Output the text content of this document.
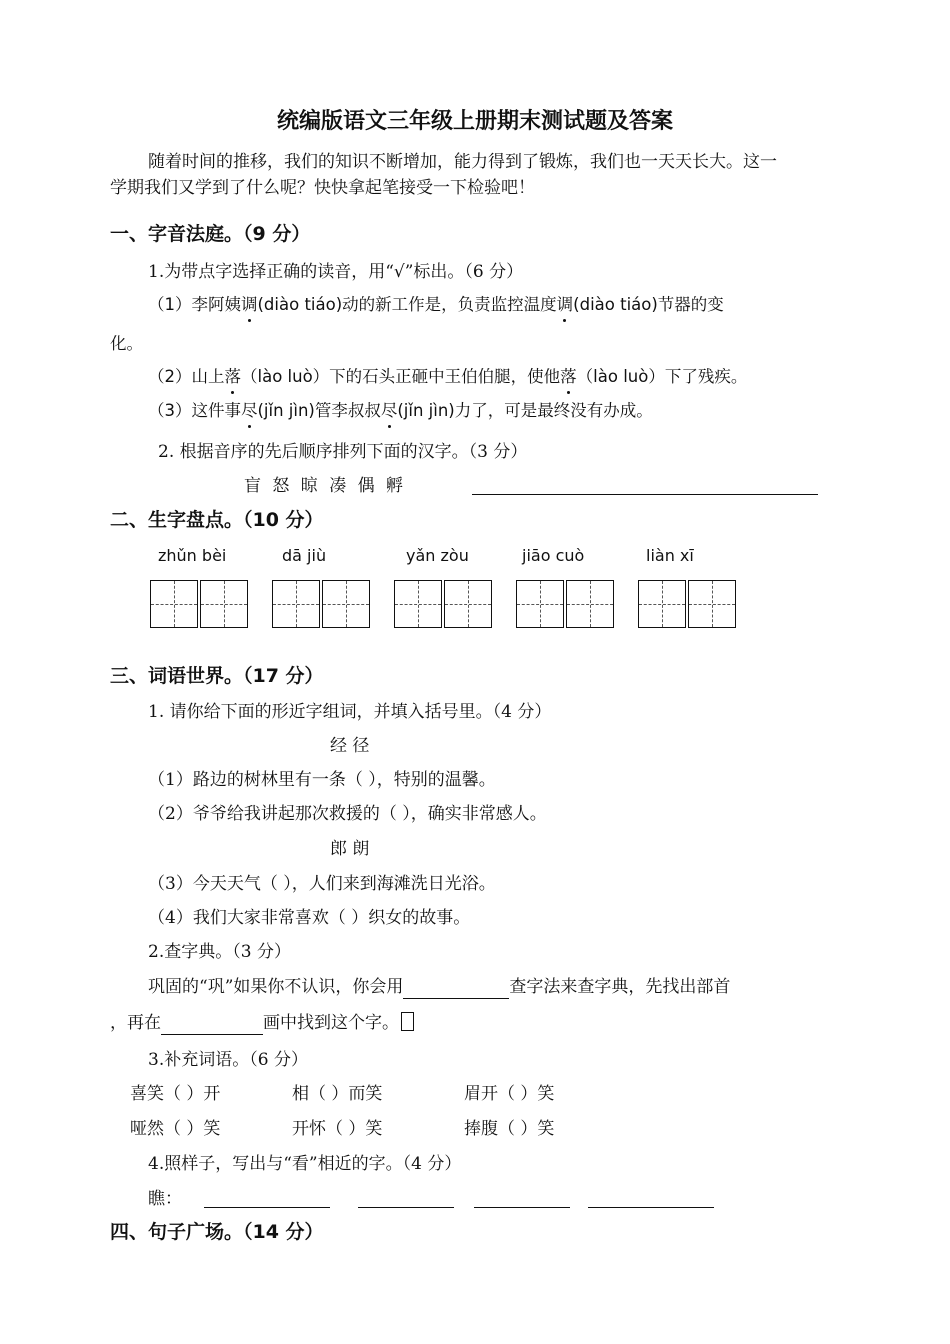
统编版语文三年级上册期末测试题及答案
随着时间的推移，我们的知识不断增加，能力得到了锻炼，我们也一天天长大。这一
学期我们又学到了什么呢？快快拿起笔接受一下检验吧！
一、字音法庭。（9 分）
1.为带点字选择正确的读音，用“√”标出。（6 分）
（1）李阿姨调(diào tiáo)动的新工作是，负责监控温度调(diào tiáo)节器的变
化。
（2）山上落（lào luò）下的石头正砸中王伯伯腿，使他落（lào luò）下了残疾。
（3）这件事尽(jǐn jìn)管李叔叔尽(jǐn jìn)力了，可是最终没有办成。
2. 根据音序的先后顺序排列下面的汉字。（3 分）
盲 怒 晾 凑 偶 孵
二、生字盘点。（10 分）
zhǔn bèi	dā jiù	yǎn zòu	jiāo cuò	liàn xī
三、词语世界。（17 分）
1. 请你给下面的形近字组词，并填入括号里。（4 分）
经 径
（1）路边的树林里有一条（ ），特别的温馨。
（2）爷爷给我讲起那次救援的（ ），确实非常感人。
郎 朗
（3）今天天气（ ），人们来到海滩洗日光浴。
（4）我们大家非常喜欢（ ）织女的故事。
2.查字典。（3 分）
巩固的“巩”如果你不认识，你会用	查字法来查字典，先找出部首
，再在	画中找到这个字。
3.补充词语。（6 分）
喜笑（ ）开	相（ ）而笑	眉开（ ）笑
哑然（ ）笑	开怀（ ）笑	捧腹（ ）笑
4.照样子，写出与“看”相近的字。（4 分）
瞧：
四、句子广场。（14 分）
